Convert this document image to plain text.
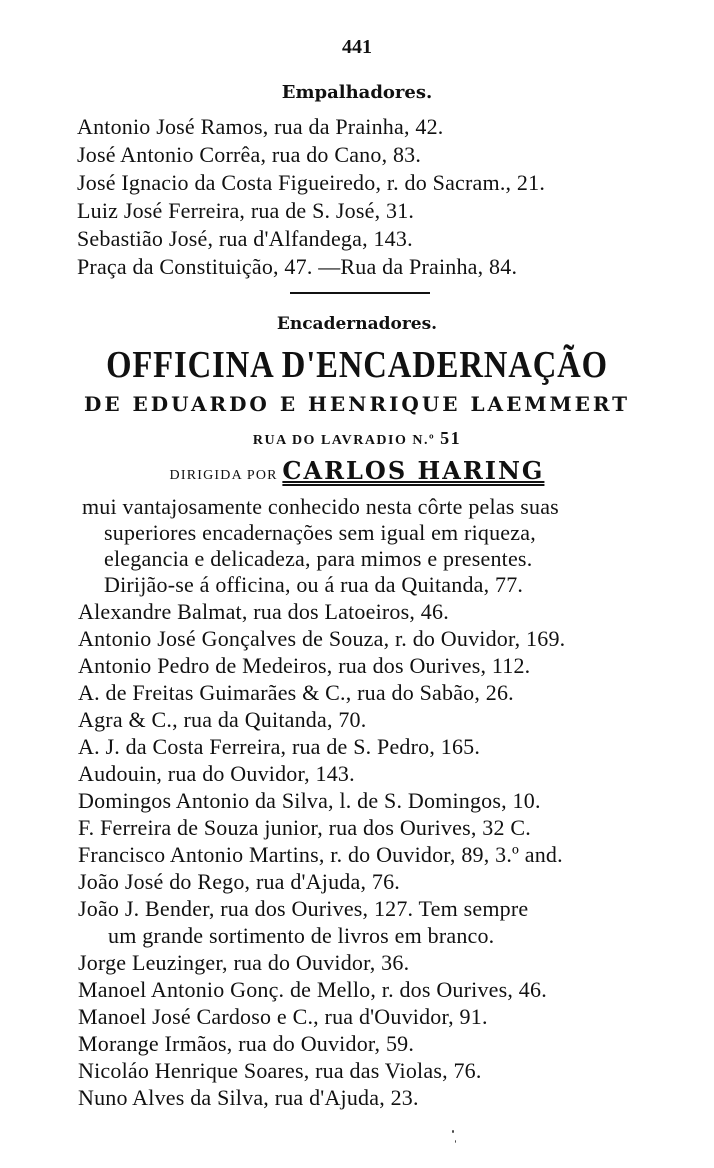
441
Empalhadores.
Antonio José Ramos, rua da Prainha, 42.
José Antonio Corrêa, rua do Cano, 83.
José Ignacio da Costa Figueiredo, r. do Sacram., 21.
Luiz José Ferreira, rua de S. José, 31.
Sebastião José, rua d'Alfandega, 143.
Praça da Constituição, 47. —Rua da Prainha, 84.
Encadernadores.
OFFICINA D'ENCADERNAÇÃO
DE EDUARDO E HENRIQUE LAEMMERT
RUA DO LAVRADIO N.º 51
DIRIGIDA POR CARLOS HARING
mui vantajosamente conhecido nesta côrte pelas suas
superiores encadernações sem igual em riqueza,
elegancia e delicadeza, para mimos e presentes.
Dirijão-se á officina, ou á rua da Quitanda, 77.
Alexandre Balmat, rua dos Latoeiros, 46.
Antonio José Gonçalves de Souza, r. do Ouvidor, 169.
Antonio Pedro de Medeiros, rua dos Ourives, 112.
A. de Freitas Guimarães & C., rua do Sabão, 26.
Agra & C., rua da Quitanda, 70.
A. J. da Costa Ferreira, rua de S. Pedro, 165.
Audouin, rua do Ouvidor, 143.
Domingos Antonio da Silva, l. de S. Domingos, 10.
F. Ferreira de Souza junior, rua dos Ourives, 32 C.
Francisco Antonio Martins, r. do Ouvidor, 89, 3.º and.
João José do Rego, rua d'Ajuda, 76.
João J. Bender, rua dos Ourives, 127. Tem sempre
um grande sortimento de livros em branco.
Jorge Leuzinger, rua do Ouvidor, 36.
Manoel Antonio Gonç. de Mello, r. dos Ourives, 46.
Manoel José Cardoso e C., rua d'Ouvidor, 91.
Morange Irmãos, rua do Ouvidor, 59.
Nicoláo Henrique Soares, rua das Violas, 76.
Nuno Alves da Silva, rua d'Ajuda, 23.
